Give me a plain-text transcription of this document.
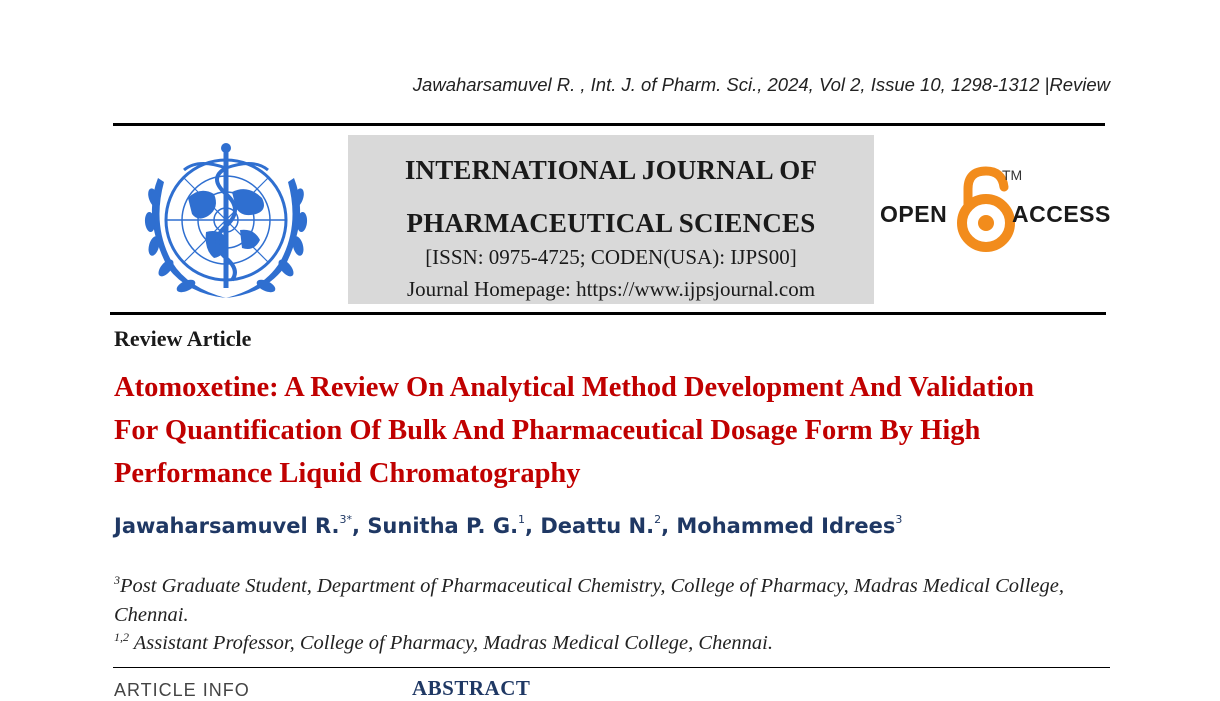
Jawaharsamuvel R. , Int. J. of Pharm. Sci., 2024, Vol 2, Issue 10, 1298-1312 |Review
INTERNATIONAL JOURNAL OF
PHARMACEUTICAL SCIENCES
[ISSN: 0975-4725; CODEN(USA): IJPS00]
Journal Homepage: https://www.ijpsjournal.com
OPEN
TM
ACCESS
Review Article
Atomoxetine: A Review On Analytical Method Development And Validation For Quantification Of Bulk And Pharmaceutical Dosage Form By High Performance Liquid Chromatography
Jawaharsamuvel R.$^{3*}$, Sunitha P. G.$^1$, Deattu N.$^2$, Mohammed Idrees$^3$
$^3$Post Graduate Student, Department of Pharmaceutical Chemistry, College of Pharmacy, Madras Medical College, Chennai.
$^{1,2}$ Assistant Professor, College of Pharmacy, Madras Medical College, Chennai.
ARTICLE INFO	ABSTRACT
